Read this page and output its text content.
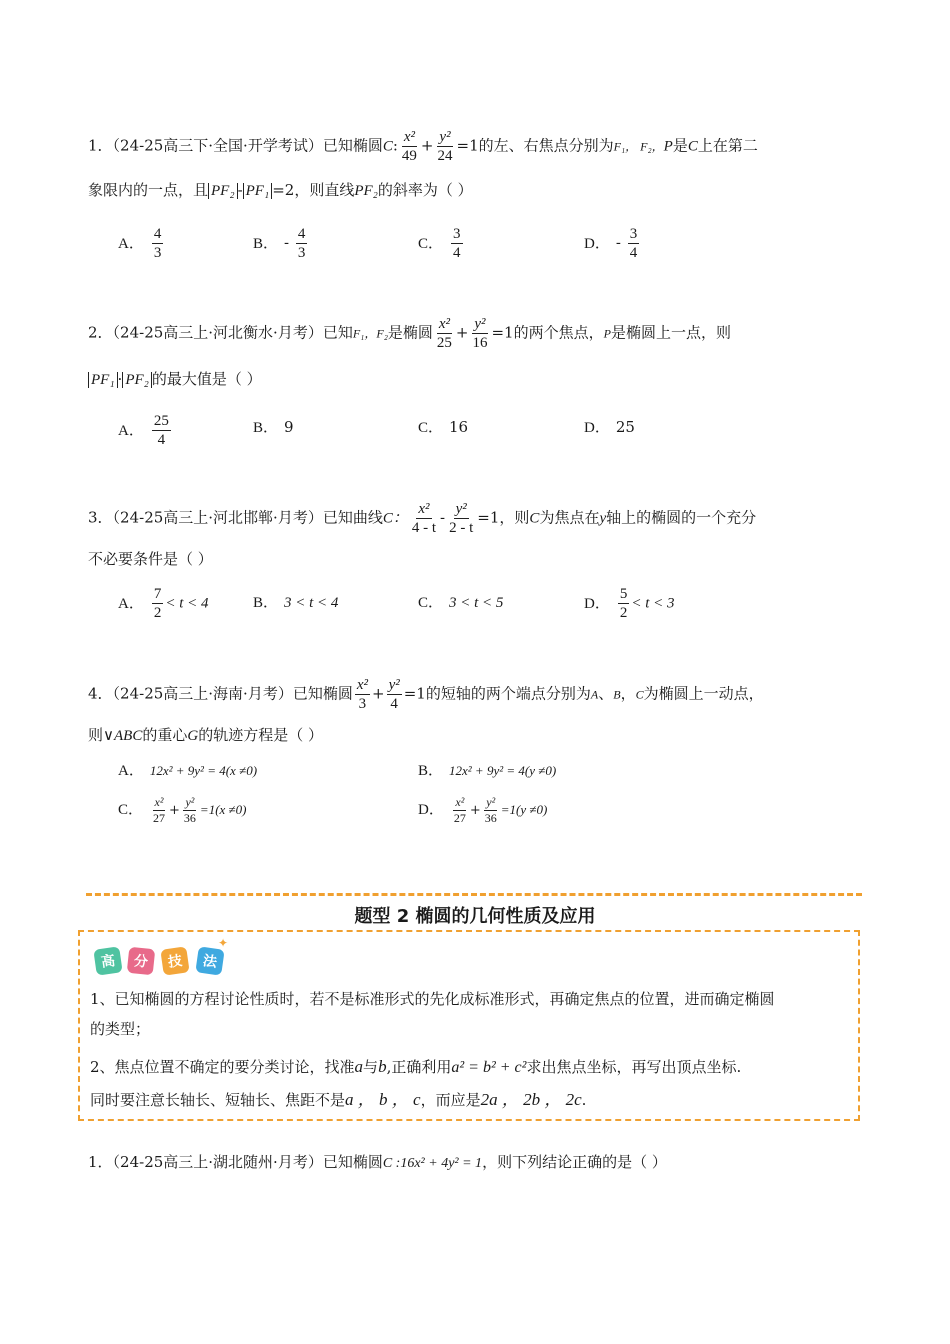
1．（24-25高三下·全国·开学考试）已知椭圆C: $\frac{\text{x²}}{49} + \frac{\text{y²}}{24} =1$的左、右焦点分别为F₁， F₂，P是C上在第二
象限内的一点，且 PF₂ - PF₁ =2，则直线PF₂的斜率为（ ）
A． $\frac{4}{3}$	B． - $\frac{4}{3}$	C． $\frac{3}{4}$	D． - $\frac{3}{4}$
2．（24-25高三上·河北衡水·月考）已知F₁，F₂是椭圆 $\frac{\text{x²}}{25} + \frac{\text{y²}}{16} =1$的两个焦点，P是椭圆上一点，则
PF₁ · PF₂ 的最大值是（ ）
A． $\frac{25}{4}$	B． 9	C． 16	D． 25
3．（24-25高三上·河北邯郸·月考）已知曲线C： $\frac{\text{x²}}{4 - t} - \frac{\text{y²}}{2 - t} =1$，则C为焦点在y轴上的椭圆的一个充分
不必要条件是（ ）
A． $\frac{7}{2} < t < 4$	B． 3 < t < 4	C． 3 < t < 5	D． $\frac{5}{2} < t < 3$
4．（24-25高三上·海南·月考）已知椭圆 $\frac{\text{x²}}{3} + \frac{\text{y²}}{4} =1$的短轴的两个端点分别为A、B，C为椭圆上一动点，
则∨ABC的重心G的轨迹方程是（ ）
A． 12x² + 9y² = 4(x ≠0)	B． 12x² + 9y² = 4(y ≠0)
C． $\frac{\text{x²}}{27} + \frac{\text{y²}}{36} =1(x \ne 0)$	D． $\frac{\text{x²}}{27} + \frac{\text{y²}}{36} =1(y \ne 0)$
题型 2 椭圆的几何性质及应用
高	分	技	法
✦
1、已知椭圆的方程讨论性质时，若不是标准形式的先化成标准形式，再确定焦点的位置，进而确定椭圆
的类型；
2、焦点位置不确定的要分类讨论，找准a与b,正确利用a² = b² + c²求出焦点坐标，再写出顶点坐标.
同时要注意长轴长、短轴长、焦距不是a ， b ， c，而应是2a ， 2b ， 2c.
1．（24-25高三上·湖北随州·月考）已知椭圆C :16x² + 4y² = 1，则下列结论正确的是（ ）
